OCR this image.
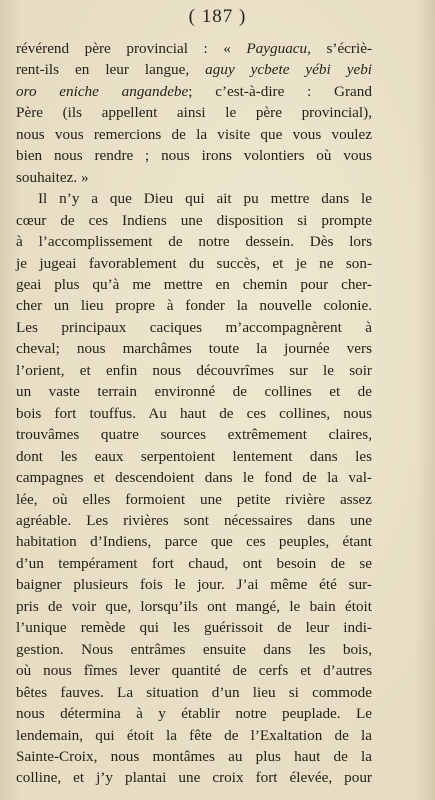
( 187 )
révérend père provincial : « Payguacu, s’écriè-
rent-ils en leur langue, aguy ycbete yébi yebi
oro eniche angandebe; c’est-à-dire : Grand
Père (ils appellent ainsi le père provincial),
nous vous remercions de la visite que vous voulez
bien nous rendre ; nous irons volontiers où vous
souhaitez. »
Il n’y a que Dieu qui ait pu mettre dans le
cœur de ces Indiens une disposition si prompte
à l’accomplissement de notre dessein. Dès lors
je jugeai favorablement du succès, et je ne son-
geai plus qu’à me mettre en chemin pour cher-
cher un lieu propre à fonder la nouvelle colonie.
Les principaux caciques m’accompagnèrent à
cheval; nous marchâmes toute la journée vers
l’orient, et enfin nous découvrîmes sur le soir
un vaste terrain environné de collines et de
bois fort touffus. Au haut de ces collines, nous
trouvâmes quatre sources extrêmement claires,
dont les eaux serpentoient lentement dans les
campagnes et descendoient dans le fond de la val-
lée, où elles formoient une petite rivière assez
agréable. Les rivières sont nécessaires dans une
habitation d’Indiens, parce que ces peuples, étant
d’un tempérament fort chaud, ont besoin de se
baigner plusieurs fois le jour. J’ai même été sur-
pris de voir que, lorsqu’ils ont mangé, le bain étoit
l’unique remède qui les guérissoit de leur indi-
gestion. Nous entrâmes ensuite dans les bois,
où nous fîmes lever quantité de cerfs et d’autres
bêtes fauves. La situation d’un lieu si commode
nous détermina à y établir notre peuplade. Le
lendemain, qui étoit la fête de l’Exaltation de la
Sainte-Croix, nous montâmes au plus haut de la
colline, et j’y plantai une croix fort élevée, pour
